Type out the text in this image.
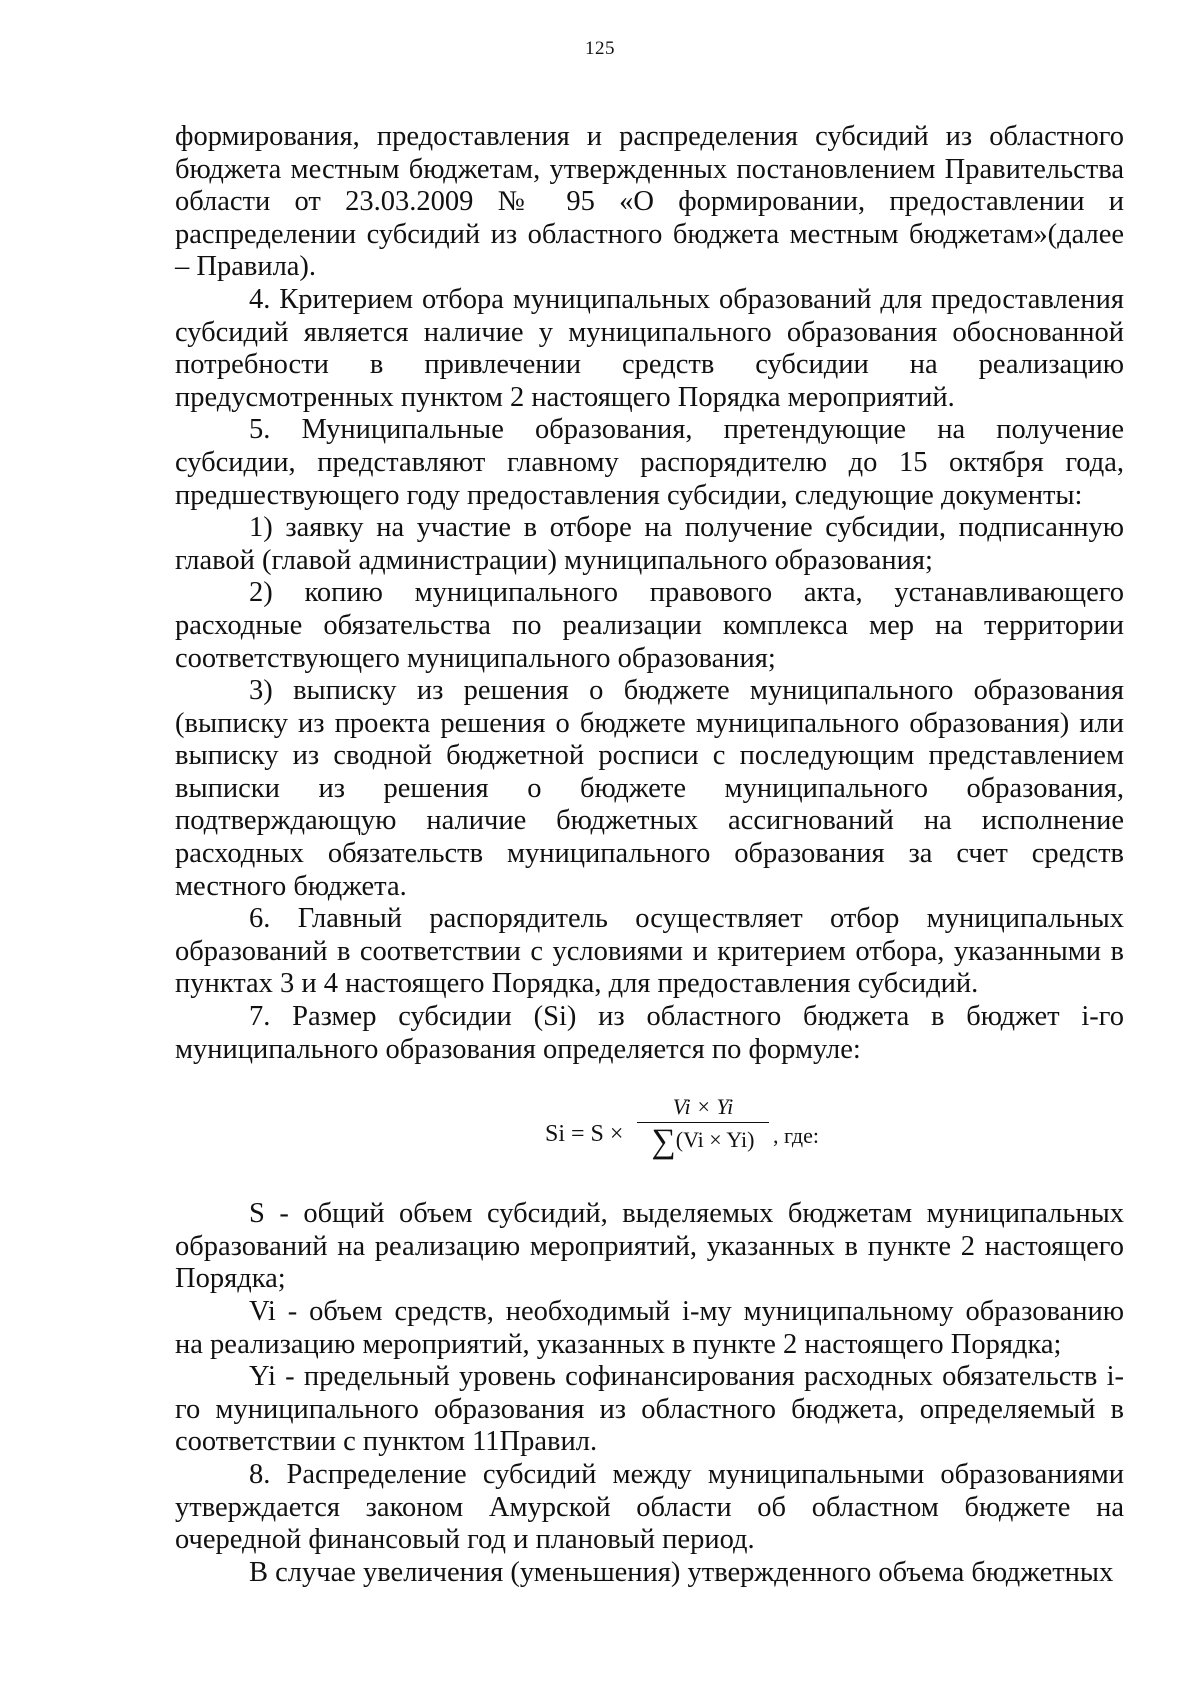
125

формирования, предоставления и распределения субсидий из областного бюджета местным бюджетам, утвержденных постановлением Правительства области от 23.03.2009 № 95 «О формировании, предоставлении и распределении субсидий из областного бюджета местным бюджетам»(далее – Правила).

4. Критерием отбора муниципальных образований для предоставления субсидий является наличие у муниципального образования обоснованной потребности в привлечении средств субсидии на реализацию предусмотренных пунктом 2 настоящего Порядка мероприятий.

5. Муниципальные образования, претендующие на получение субсидии, представляют главному распорядителю до 15 октября года, предшествующего году предоставления субсидии, следующие документы:

1) заявку на участие в отборе на получение субсидии, подписанную главой (главой администрации) муниципального образования;

2) копию муниципального правового акта, устанавливающего расходные обязательства по реализации комплекса мер на территории соответствующего муниципального образования;

3) выписку из решения о бюджете муниципального образования (выписку из проекта решения о бюджете муниципального образования) или выписку из сводной бюджетной росписи с последующим представлением выписки из решения о бюджете муниципального образования, подтверждающую наличие бюджетных ассигнований на исполнение расходных обязательств муниципального образования за счет средств местного бюджета.

6. Главный распорядитель осуществляет отбор муниципальных образований в соответствии с условиями и критерием отбора, указанными в пунктах 3 и 4 настоящего Порядка, для предоставления субсидий.

7. Размер субсидии (Si) из областного бюджета в бюджет i-го муниципального образования определяется по формуле:

Si = S ×
Vi × Yi
∑(Vi × Yi) , где:

S - общий объем субсидий, выделяемых бюджетам муниципальных образований на реализацию мероприятий, указанных в пункте 2 настоящего Порядка;

Vi - объем средств, необходимый i-му муниципальному образованию на реализацию мероприятий, указанных в пункте 2 настоящего Порядка;

Yi - предельный уровень софинансирования расходных обязательств i-го муниципального образования из областного бюджета, определяемый в соответствии с пунктом 11Правил.

8. Распределение субсидий между муниципальными образованиями утверждается законом Амурской области об областном бюджете на очередной финансовый год и плановый период.

В случае увеличения (уменьшения) утвержденного объема бюджетных
